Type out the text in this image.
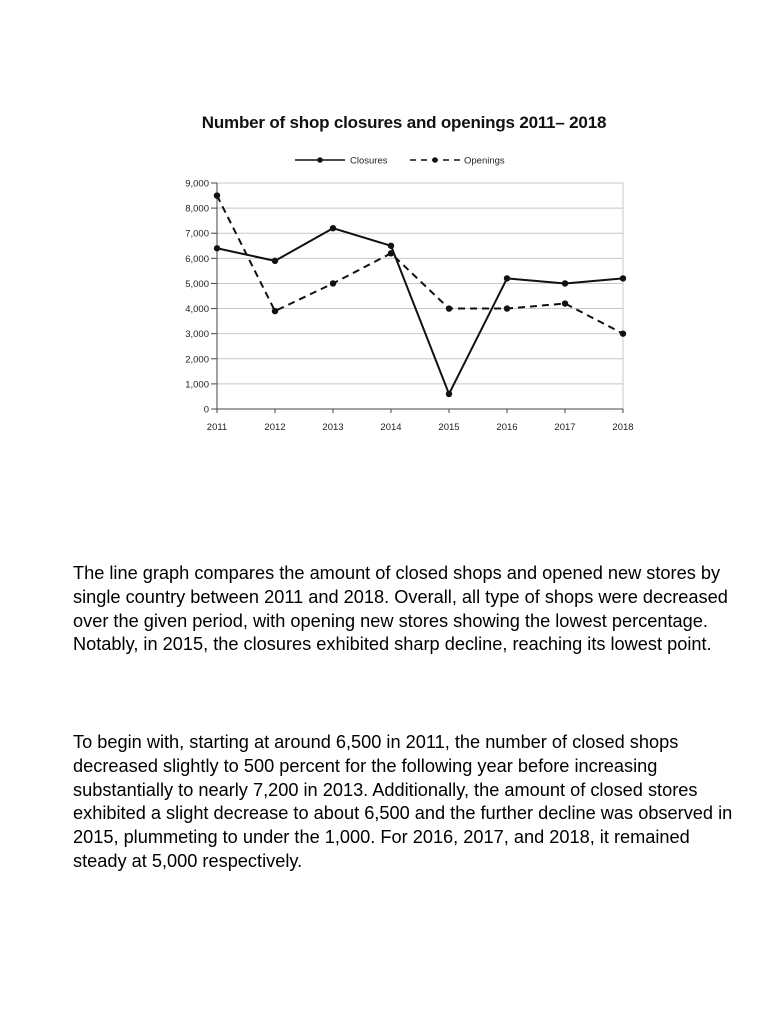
Number of shop closures and openings 2011– 2018
0
1,000
2,000
3,000
4,000
5,000
6,000
7,000
8,000
9,000
2011	2012	2013	2014	2015	2016	2017	2018
Closures	Openings

The line graph compares the amount of closed shops and opened new stores by single country between 2011 and 2018. Overall, all type of shops were decreased over the given period, with opening new stores showing the lowest percentage. Notably, in 2015, the closures exhibited sharp decline, reaching its lowest point.

To begin with, starting at around 6,500 in 2011, the number of closed shops decreased slightly to 500 percent for the following year before increasing substantially to nearly 7,200 in 2013. Additionally, the amount of closed stores exhibited a slight decrease to about 6,500 and the further decline was observed in 2015, plummeting to under the 1,000. For 2016, 2017, and 2018, it remained steady at 5,000 respectively.
